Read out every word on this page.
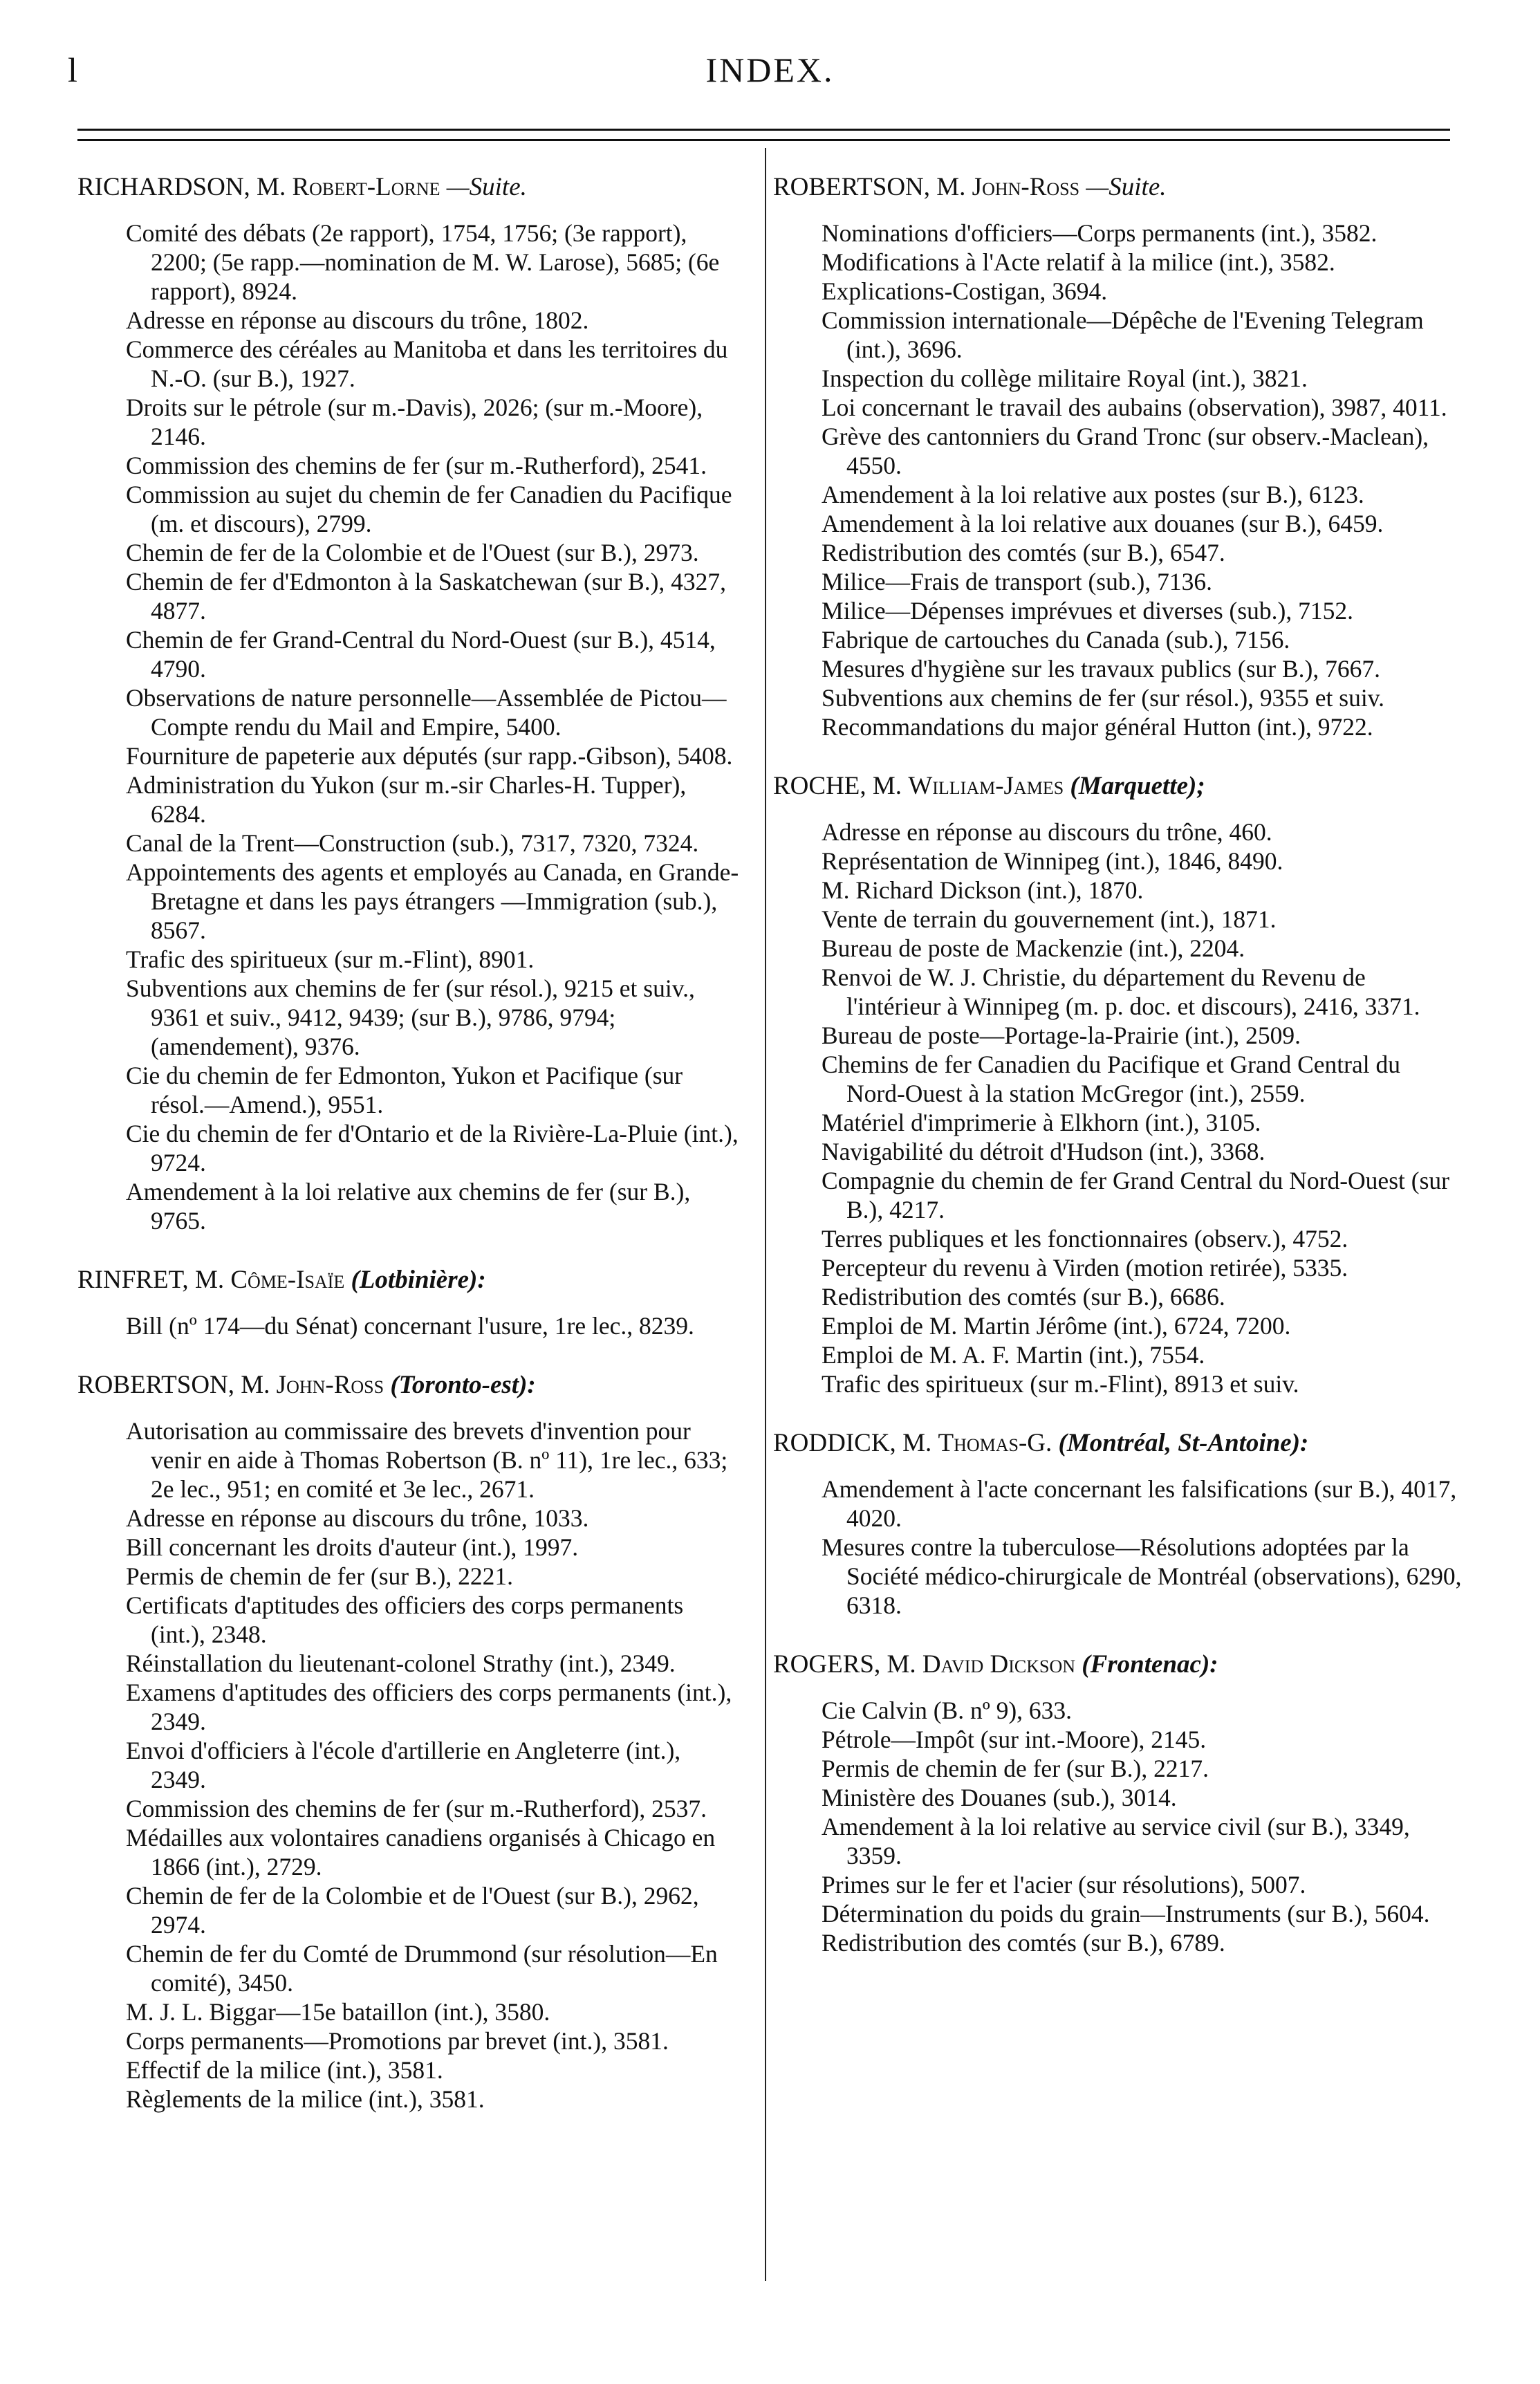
l	INDEX.
RICHARDSON, M. Robert-Lorne —Suite.
Comité des débats (2e rapport), 1754, 1756; (3e rapport), 2200; (5e rapp.—nomination de M. W. Larose), 5685; (6e rapport), 8924.
Adresse en réponse au discours du trône, 1802.
Commerce des céréales au Manitoba et dans les territoires du N.-O. (sur B.), 1927.
Droits sur le pétrole (sur m.-Davis), 2026; (sur m.-Moore), 2146.
Commission des chemins de fer (sur m.-Rutherford), 2541.
Commission au sujet du chemin de fer Canadien du Pacifique (m. et discours), 2799.
Chemin de fer de la Colombie et de l'Ouest (sur B.), 2973.
Chemin de fer d'Edmonton à la Saskatchewan (sur B.), 4327, 4877.
Chemin de fer Grand-Central du Nord-Ouest (sur B.), 4514, 4790.
Observations de nature personnelle—Assemblée de Pictou—Compte rendu du Mail and Empire, 5400.
Fourniture de papeterie aux députés (sur rapp.-Gibson), 5408.
Administration du Yukon (sur m.-sir Charles-H. Tupper), 6284.
Canal de la Trent—Construction (sub.), 7317, 7320, 7324.
Appointements des agents et employés au Canada, en Grande-Bretagne et dans les pays étrangers —Immigration (sub.), 8567.
Trafic des spiritueux (sur m.-Flint), 8901.
Subventions aux chemins de fer (sur résol.), 9215 et suiv., 9361 et suiv., 9412, 9439; (sur B.), 9786, 9794; (amendement), 9376.
Cie du chemin de fer Edmonton, Yukon et Pacifique (sur résol.—Amend.), 9551.
Cie du chemin de fer d'Ontario et de la Rivière-La-Pluie (int.), 9724.
Amendement à la loi relative aux chemins de fer (sur B.), 9765.
RINFRET, M. Côme-Isaïe (Lotbinière):
Bill (nº 174—du Sénat) concernant l'usure, 1re lec., 8239.
ROBERTSON, M. John-Ross (Toronto-est):
Autorisation au commissaire des brevets d'invention pour venir en aide à Thomas Robertson (B. nº 11), 1re lec., 633; 2e lec., 951; en comité et 3e lec., 2671.
Adresse en réponse au discours du trône, 1033.
Bill concernant les droits d'auteur (int.), 1997.
Permis de chemin de fer (sur B.), 2221.
Certificats d'aptitudes des officiers des corps permanents (int.), 2348.
Réinstallation du lieutenant-colonel Strathy (int.), 2349.
Examens d'aptitudes des officiers des corps permanents (int.), 2349.
Envoi d'officiers à l'école d'artillerie en Angleterre (int.), 2349.
Commission des chemins de fer (sur m.-Rutherford), 2537.
Médailles aux volontaires canadiens organisés à Chicago en 1866 (int.), 2729.
Chemin de fer de la Colombie et de l'Ouest (sur B.), 2962, 2974.
Chemin de fer du Comté de Drummond (sur résolution—En comité), 3450.
M. J. L. Biggar—15e bataillon (int.), 3580.
Corps permanents—Promotions par brevet (int.), 3581.
Effectif de la milice (int.), 3581.
Règlements de la milice (int.), 3581.
ROBERTSON, M. John-Ross —Suite.
Nominations d'officiers—Corps permanents (int.), 3582.
Modifications à l'Acte relatif à la milice (int.), 3582.
Explications-Costigan, 3694.
Commission internationale—Dépêche de l'Evening Telegram (int.), 3696.
Inspection du collège militaire Royal (int.), 3821.
Loi concernant le travail des aubains (observation), 3987, 4011.
Grève des cantonniers du Grand Tronc (sur observ.-Maclean), 4550.
Amendement à la loi relative aux postes (sur B.), 6123.
Amendement à la loi relative aux douanes (sur B.), 6459.
Redistribution des comtés (sur B.), 6547.
Milice—Frais de transport (sub.), 7136.
Milice—Dépenses imprévues et diverses (sub.), 7152.
Fabrique de cartouches du Canada (sub.), 7156.
Mesures d'hygiène sur les travaux publics (sur B.), 7667.
Subventions aux chemins de fer (sur résol.), 9355 et suiv.
Recommandations du major général Hutton (int.), 9722.
ROCHE, M. William-James (Marquette);
Adresse en réponse au discours du trône, 460.
Représentation de Winnipeg (int.), 1846, 8490.
M. Richard Dickson (int.), 1870.
Vente de terrain du gouvernement (int.), 1871.
Bureau de poste de Mackenzie (int.), 2204.
Renvoi de W. J. Christie, du département du Revenu de l'intérieur à Winnipeg (m. p. doc. et discours), 2416, 3371.
Bureau de poste—Portage-la-Prairie (int.), 2509.
Chemins de fer Canadien du Pacifique et Grand Central du Nord-Ouest à la station McGregor (int.), 2559.
Matériel d'imprimerie à Elkhorn (int.), 3105.
Navigabilité du détroit d'Hudson (int.), 3368.
Compagnie du chemin de fer Grand Central du Nord-Ouest (sur B.), 4217.
Terres publiques et les fonctionnaires (observ.), 4752.
Percepteur du revenu à Virden (motion retirée), 5335.
Redistribution des comtés (sur B.), 6686.
Emploi de M. Martin Jérôme (int.), 6724, 7200.
Emploi de M. A. F. Martin (int.), 7554.
Trafic des spiritueux (sur m.-Flint), 8913 et suiv.
RODDICK, M. Thomas-G. (Montréal, St-Antoine):
Amendement à l'acte concernant les falsifications (sur B.), 4017, 4020.
Mesures contre la tuberculose—Résolutions adoptées par la Société médico-chirurgicale de Montréal (observations), 6290, 6318.
ROGERS, M. David Dickson (Frontenac):
Cie Calvin (B. nº 9), 633.
Pétrole—Impôt (sur int.-Moore), 2145.
Permis de chemin de fer (sur B.), 2217.
Ministère des Douanes (sub.), 3014.
Amendement à la loi relative au service civil (sur B.), 3349, 3359.
Primes sur le fer et l'acier (sur résolutions), 5007.
Détermination du poids du grain—Instruments (sur B.), 5604.
Redistribution des comtés (sur B.), 6789.
